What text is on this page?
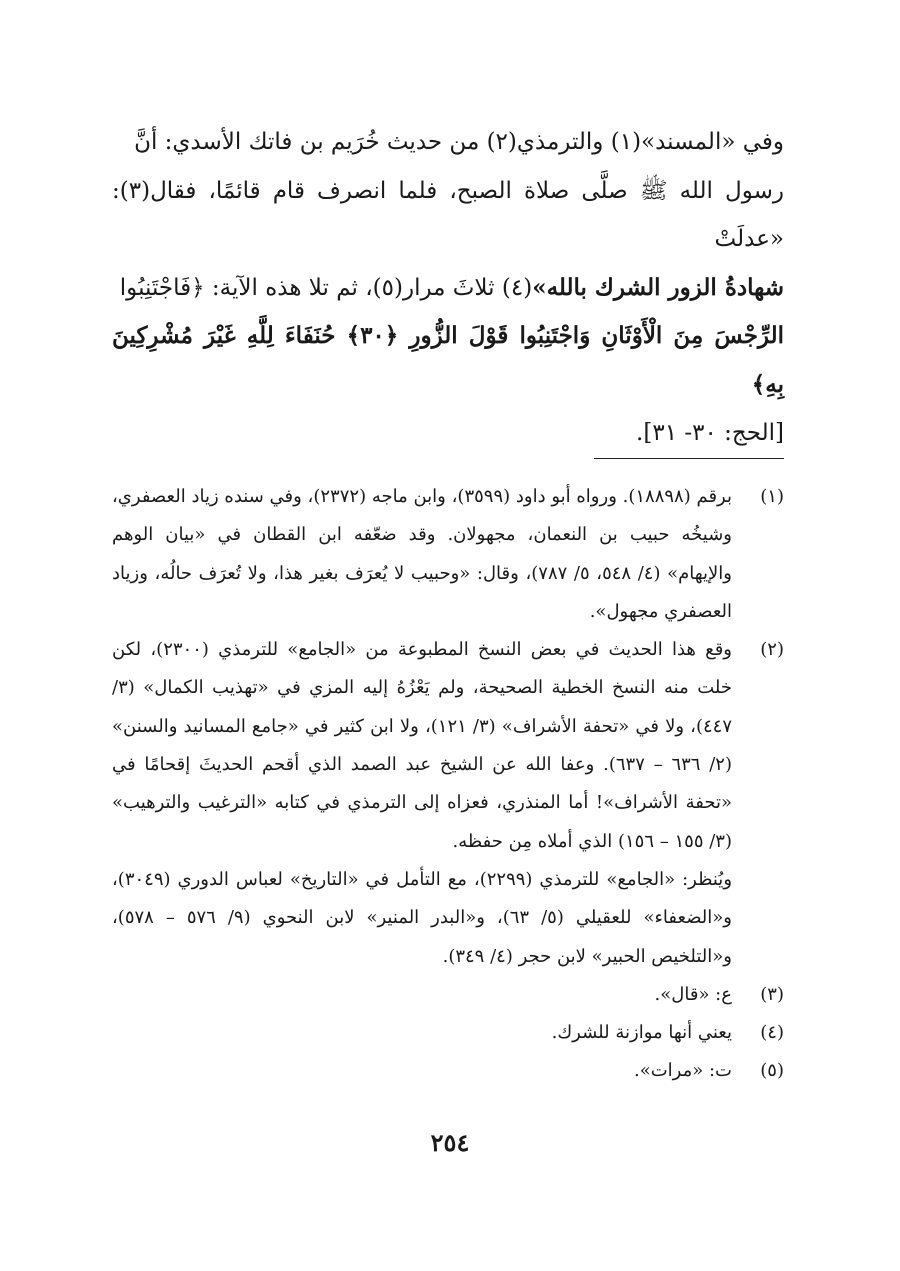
وفي «المسند»(١) والترمذي(٢) من حديث خُرَيم بن فاتك الأسدي: أنَّ
رسول الله ﷺ صلَّى صلاة الصبح، فلما انصرف قام قائمًا، فقال(٣): «عدلَتْ
شهادةُ الزور الشرك بالله»(٤) ثلاثَ مرار(٥)، ثم تلا هذه الآية: ﴿فَاجْتَنِبُوا
الرِّجْسَ مِنَ الْأَوْثَانِ وَاجْتَنِبُوا قَوْلَ الزُّورِ ﴿٣٠﴾ حُنَفَاءَ لِلَّهِ غَيْرَ مُشْرِكِينَ بِهِ﴾
[الحج: ٣٠- ٣١].
(١)

برقم (١٨٨٩٨). ورواه أبو داود (٣٥٩٩)، وابن ماجه (٢٣٧٢)، وفي سنده زياد العصفري، وشيخُه حبيب بن النعمان، مجهولان. وقد ضعّفه ابن القطان في «بيان الوهم والإيهام» (٤/ ٥٤٨، ٥/ ٧٨٧)، وقال: «وحبيب لا يُعرَف بغير هذا، ولا تُعرَف حالُه، وزياد العصفري مجهول».

(٢)

وقع هذا الحديث في بعض النسخ المطبوعة من «الجامع» للترمذي (٢٣٠٠)، لكن خلت منه النسخ الخطية الصحيحة، ولم يَعْزُهُ إليه المزي في «تهذيب الكمال» (٣/ ٤٤٧)، ولا في «تحفة الأشراف» (٣/ ١٢١)، ولا ابن كثير في «جامع المسانيد والسنن» (٢/ ٦٣٦ – ٦٣٧). وعفا الله عن الشيخ عبد الصمد الذي أقحم الحديثَ إقحامًا في «تحفة الأشراف»! أما المنذري، فعزاه إلى الترمذي في كتابه «الترغيب والترهيب» (٣/ ١٥٥ – ١٥٦) الذي أملاه مِن حفظه.

ويُنظر: «الجامع» للترمذي (٢٢٩٩)، مع التأمل في «التاريخ» لعباس الدوري (٣٠٤٩)، و«الضعفاء» للعقيلي (٥/ ٦٣)، و«البدر المنير» لابن النحوي (٩/ ٥٧٦ – ٥٧٨)، و«التلخيص الحبير» لابن حجر (٤/ ٣٤٩).

(٣)

ع: «قال».

(٤)

يعني أنها موازنة للشرك.

(٥)

ت: «مرات».

٢٥٤
